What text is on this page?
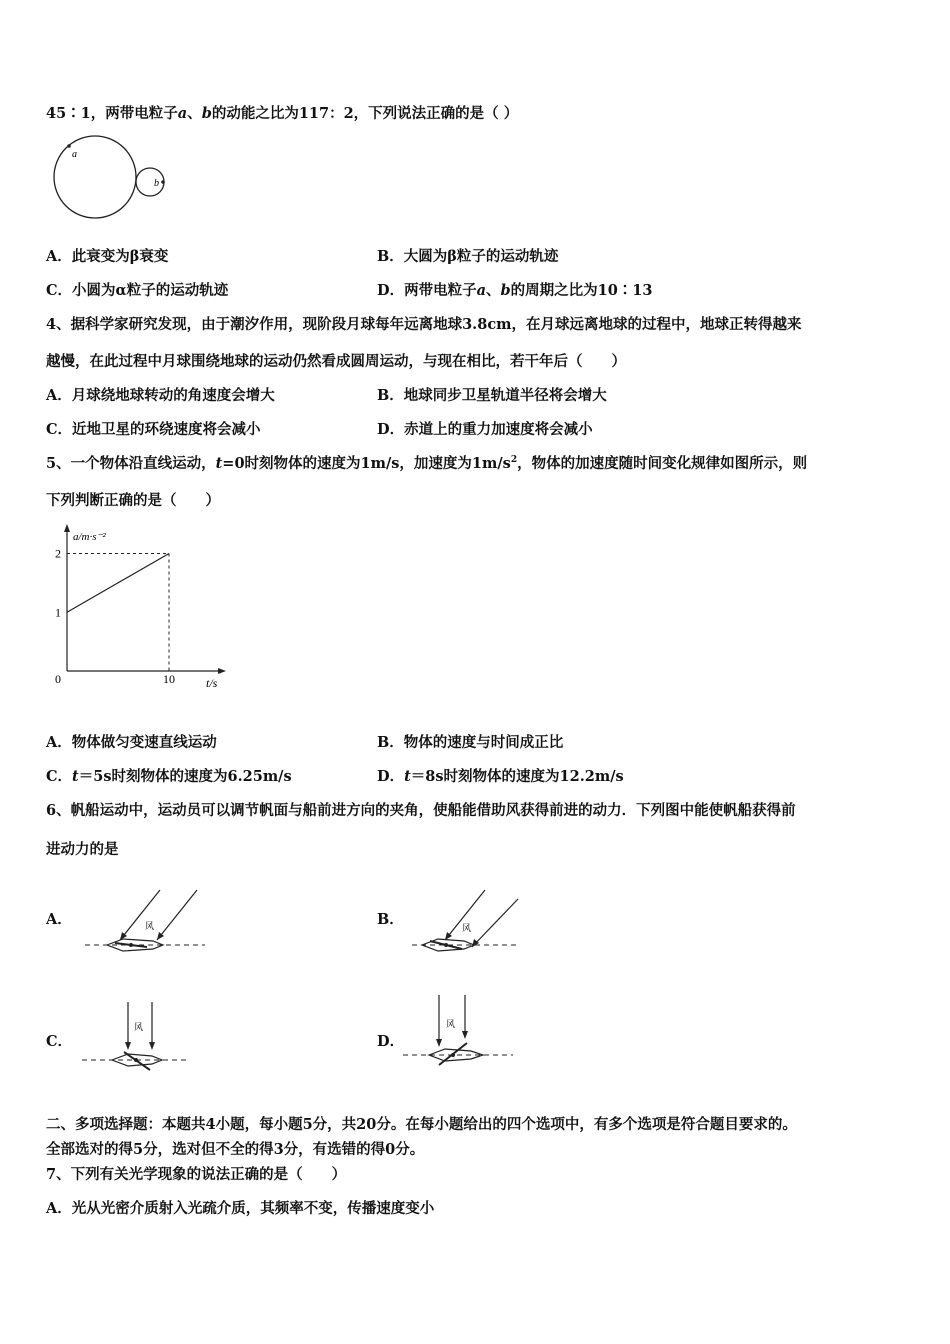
45∶1，两带电粒子a、b的动能之比为117：2，下列说法正确的是（ ）
a
b
A．此衰变为β衰变	B．大圆为β粒子的运动轨迹
C．小圆为α粒子的运动轨迹	D．两带电粒子a、b的周期之比为10∶13
4、据科学家研究发现，由于潮汐作用，现阶段月球每年远离地球3.8cm，在月球远离地球的过程中，地球正转得越来
越慢，在此过程中月球围绕地球的运动仍然看成圆周运动，与现在相比，若干年后（　　）
A．月球绕地球转动的角速度会增大	B．地球同步卫星轨道半径将会增大
C．近地卫星的环绕速度将会减小	D．赤道上的重力加速度将会减小
5、一个物体沿直线运动，t=0时刻物体的速度为1m/s，加速度为$1m/s^2$，物体的加速度随时间变化规律如图所示，则
下列判断正确的是（　　）
1
2
0	10
a/m·s⁻²
t/s
A．物体做匀变速直线运动	B．物体的速度与时间成正比
C．t＝5s时刻物体的速度为6.25m/s	D．t＝8s时刻物体的速度为12.2m/s
6、帆船运动中，运动员可以调节帆面与船前进方向的夹角，使船能借助风获得前进的动力．下列图中能使帆船获得前
进动力的是
A．	风	B．	风
C．
风
D．
风
二、多项选择题：本题共4小题，每小题5分，共20分。在每小题给出的四个选项中，有多个选项是符合题目要求的。
全部选对的得5分，选对但不全的得3分，有选错的得0分。
7、下列有关光学现象的说法正确的是（　　）
A．光从光密介质射入光疏介质，其频率不变，传播速度变小
